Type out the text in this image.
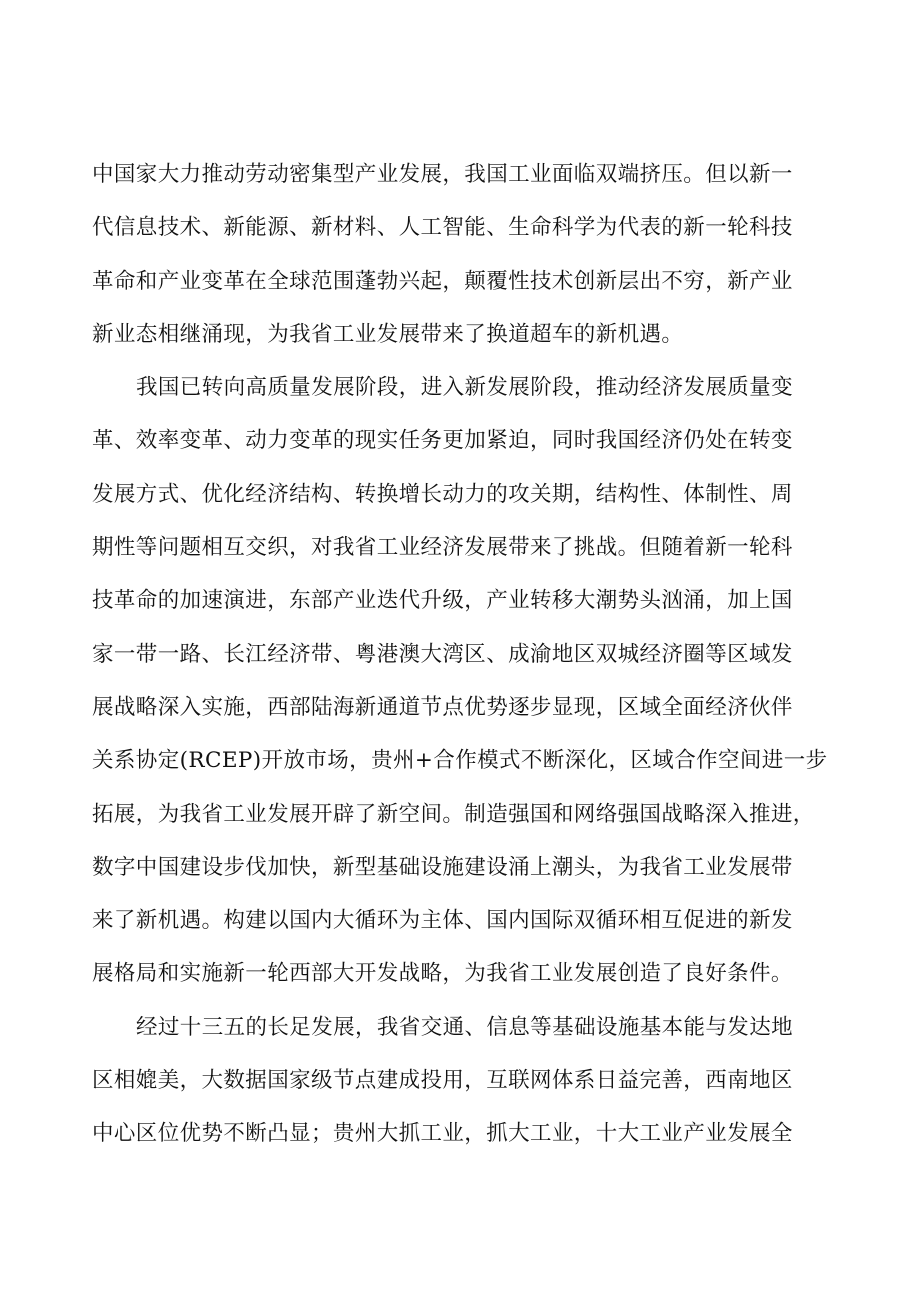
中国家大力推动劳动密集型产业发展，我国工业面临双端挤压。但以新一
代信息技术、新能源、新材料、人工智能、生命科学为代表的新一轮科技
革命和产业变革在全球范围蓬勃兴起，颠覆性技术创新层出不穷，新产业
新业态相继涌现，为我省工业发展带来了换道超车的新机遇。
我国已转向高质量发展阶段，进入新发展阶段，推动经济发展质量变
革、效率变革、动力变革的现实任务更加紧迫，同时我国经济仍处在转变
发展方式、优化经济结构、转换增长动力的攻关期，结构性、体制性、周
期性等问题相互交织，对我省工业经济发展带来了挑战。但随着新一轮科
技革命的加速演进，东部产业迭代升级，产业转移大潮势头汹涌，加上国
家一带一路、长江经济带、粤港澳大湾区、成渝地区双城经济圈等区域发
展战略深入实施，西部陆海新通道节点优势逐步显现，区域全面经济伙伴
关系协定(RCEP)开放市场，贵州+合作模式不断深化，区域合作空间进一步
拓展，为我省工业发展开辟了新空间。制造强国和网络强国战略深入推进，
数字中国建设步伐加快，新型基础设施建设涌上潮头，为我省工业发展带
来了新机遇。构建以国内大循环为主体、国内国际双循环相互促进的新发
展格局和实施新一轮西部大开发战略，为我省工业发展创造了良好条件。
经过十三五的长足发展，我省交通、信息等基础设施基本能与发达地
区相媲美，大数据国家级节点建成投用，互联网体系日益完善，西南地区
中心区位优势不断凸显；贵州大抓工业，抓大工业，十大工业产业发展全
